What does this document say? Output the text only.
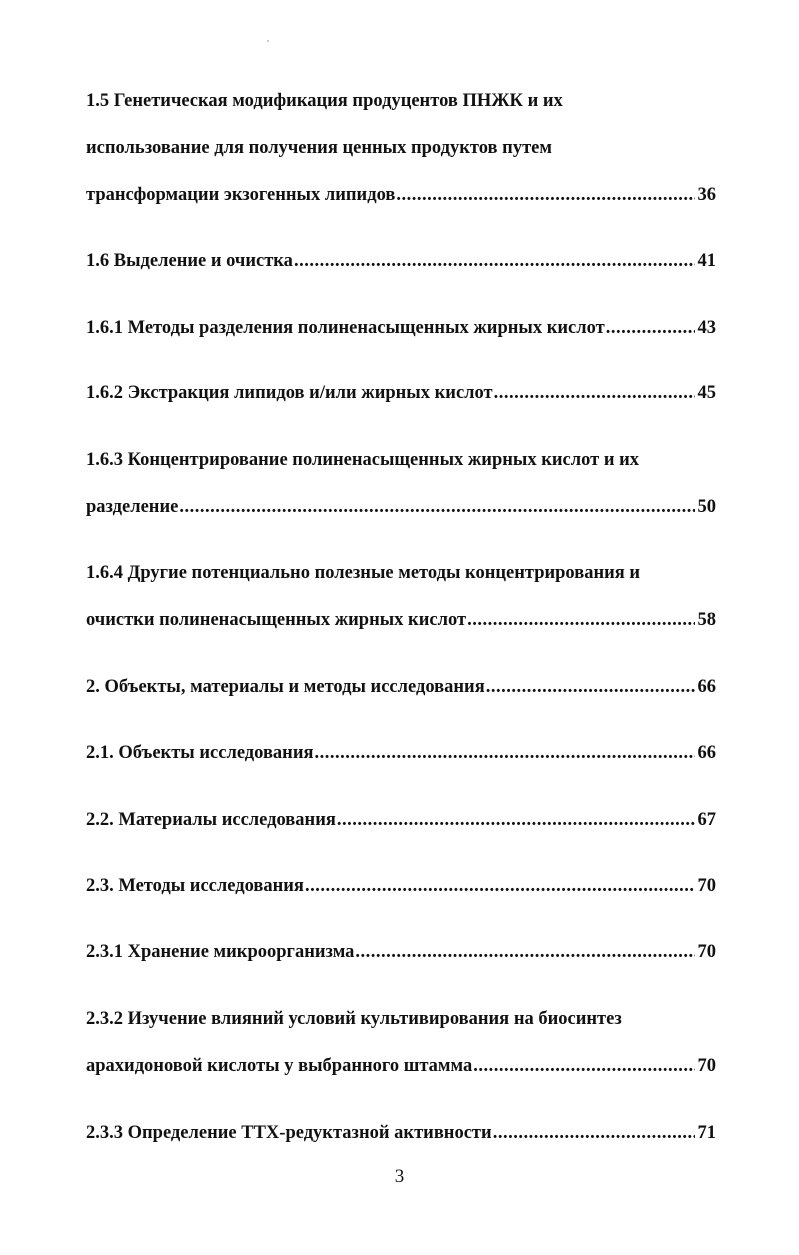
1.5 Генетическая модификация продуцентов ПНЖК и их
использование для получения ценных продуктов путем
трансформации экзогенных липидов .....	36
1.6 Выделение и очистка .....	41
1.6.1 Методы разделения полиненасыщенных жирных кислот .....	43
1.6.2 Экстракция липидов и/или жирных кислот .....	45
1.6.3 Концентрирование полиненасыщенных жирных кислот и их
разделение .....	50
1.6.4 Другие потенциально полезные методы концентрирования и
очистки полиненасыщенных жирных кислот .....	58
2. Объекты, материалы и методы исследования .....	66
2.1. Объекты исследования .....	66
2.2. Материалы исследования .....	67
2.3. Методы исследования .....	70
2.3.1 Хранение микроорганизма .....	70
2.3.2 Изучение влияний условий культивирования на биосинтез
арахидоновой кислоты у выбранного штамма .....	70
2.3.3 Определение ТТХ-редуктазной активности .....	71
3
